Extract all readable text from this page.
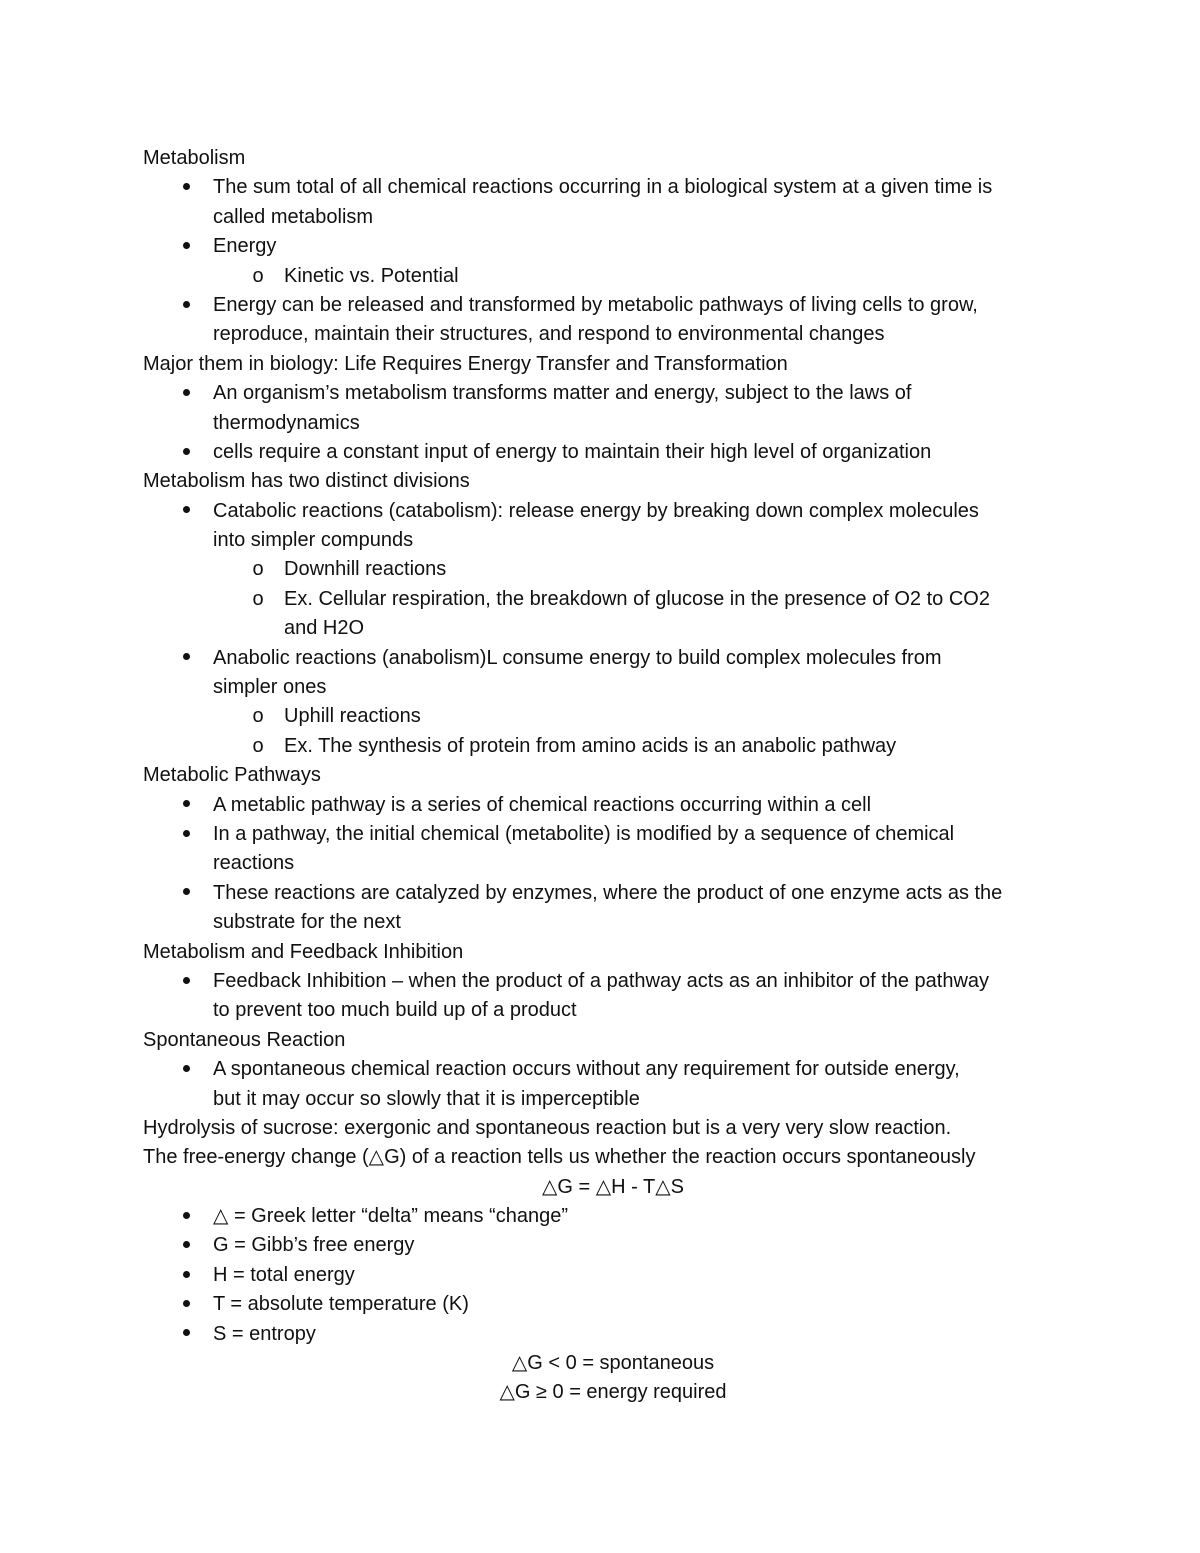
Metabolism
The sum total of all chemical reactions occurring in a biological system at a given time is
called metabolism
Energy
o
Kinetic vs. Potential
Energy can be released and transformed by metabolic pathways of living cells to grow,
reproduce, maintain their structures, and respond to environmental changes
Major them in biology: Life Requires Energy Transfer and Transformation
An organism’s metabolism transforms matter and energy, subject to the laws of
thermodynamics
cells require a constant input of energy to maintain their high level of organization
Metabolism has two distinct divisions
Catabolic reactions (catabolism): release energy by breaking down complex molecules
into simpler compunds
o
Downhill reactions
o
Ex. Cellular respiration, the breakdown of glucose in the presence of O2 to CO2
and H2O
Anabolic reactions (anabolism)L consume energy to build complex molecules from
simpler ones
o
Uphill reactions
o
Ex. The synthesis of protein from amino acids is an anabolic pathway
Metabolic Pathways
A metablic pathway is a series of chemical reactions occurring within a cell
In a pathway, the initial chemical (metabolite) is modified by a sequence of chemical
reactions
These reactions are catalyzed by enzymes, where the product of one enzyme acts as the
substrate for the next
Metabolism and Feedback Inhibition
Feedback Inhibition – when the product of a pathway acts as an inhibitor of the pathway
to prevent too much build up of a product
Spontaneous Reaction
A spontaneous chemical reaction occurs without any requirement for outside energy,
but it may occur so slowly that it is imperceptible
Hydrolysis of sucrose: exergonic and spontaneous reaction but is a very very slow reaction.
The free-energy change (△G) of a reaction tells us whether the reaction occurs spontaneously
△G = △H - T△S
△ = Greek letter “delta” means “change”
G = Gibb’s free energy
H = total energy
T = absolute temperature (K)
S = entropy
△G < 0 = spontaneous
△G ≥ 0 = energy required
